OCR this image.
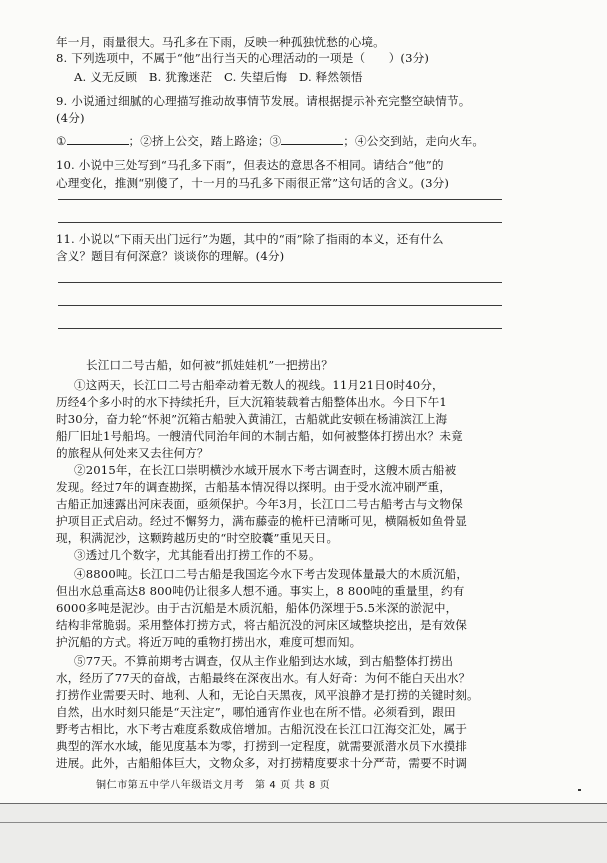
年一月，雨量很大。马孔多在下雨，反映一种孤独忧愁的心境。
8. 下列选项中，不属于“他”出行当天的心理活动的一项是（　　）(3分)
A. 义无反顾　B. 犹豫迷茫　C. 失望后悔　D. 释然领悟
9. 小说通过细腻的心理描写推动故事情节发展。请根据提示补充完整空缺情节。
(4分)
①	；②挤上公交，踏上路途；③	；④公交到站，走向火车。
10. 小说中三处写到“马孔多下雨”，但表达的意思各不相同。请结合“他”的
心理变化，推测“别傻了，十一月的马孔多下雨很正常”这句话的含义。(3分)
11. 小说以“下雨天出门远行”为题，其中的“雨”除了指雨的本义，还有什么
含义？题目有何深意？谈谈你的理解。(4分)
长江口二号古船，如何被“抓娃娃机”一把捞出？
①这两天，长江口二号古船牵动着无数人的视线。11月21日0时40分，
历经4个多小时的水下持续托升，巨大沉箱装载着古船整体出水。今日下午1
时30分，奋力轮“怀昶”沉箱古船驶入黄浦江，古船就此安顿在杨浦滨江上海
船厂旧址1号船坞。一艘清代同治年间的木制古船，如何被整体打捞出水？未竟
的旅程从何处来又去往何方？
②2015年，在长江口崇明横沙水域开展水下考古调查时，这艘木质古船被
发现。经过7年的调查勘探，古船基本情况得以探明。由于受水流冲刷严重，
古船正加速露出河床表面，亟须保护。今年3月，长江口二号古船考古与文物保
护项目正式启动。经过不懈努力，满布藤壶的桅杆已清晰可见，横隔板如鱼骨显
现，积满泥沙，这颗跨越历史的“时空胶囊”重见天日。
③透过几个数字，尤其能看出打捞工作的不易。
④8800吨。长江口二号古船是我国迄今水下考古发现体量最大的木质沉船，
但出水总重高达8 800吨仍让很多人想不通。事实上，8 800吨的重量里，约有
6000多吨是泥沙。由于古沉船是木质沉船，船体仍深埋于5.5米深的淤泥中，
结构非常脆弱。采用整体打捞方式，将古船沉没的河床区域整块挖出，是有效保
护沉船的方式。将近万吨的重物打捞出水，难度可想而知。
⑤77天。不算前期考古调查，仅从主作业船到达水域，到古船整体打捞出
水，经历了77天的奋战，古船最终在深夜出水。有人好奇：为何不能白天出水？
打捞作业需要天时、地利、人和，无论白天黑夜，风平浪静才是打捞的关键时刻。
自然，出水时刻只能是“天注定”，哪怕通宵作业也在所不惜。必须看到，跟田
野考古相比，水下考古难度系数成倍增加。古船沉没在长江口江海交汇处，属于
典型的浑水水域，能见度基本为零，打捞到一定程度，就需要派潜水员下水摸排
进展。此外，古船船体巨大，文物众多，对打捞精度要求十分严苛，需要不时调
铜仁市第五中学八年级语文月考　第 4 页 共 8 页
